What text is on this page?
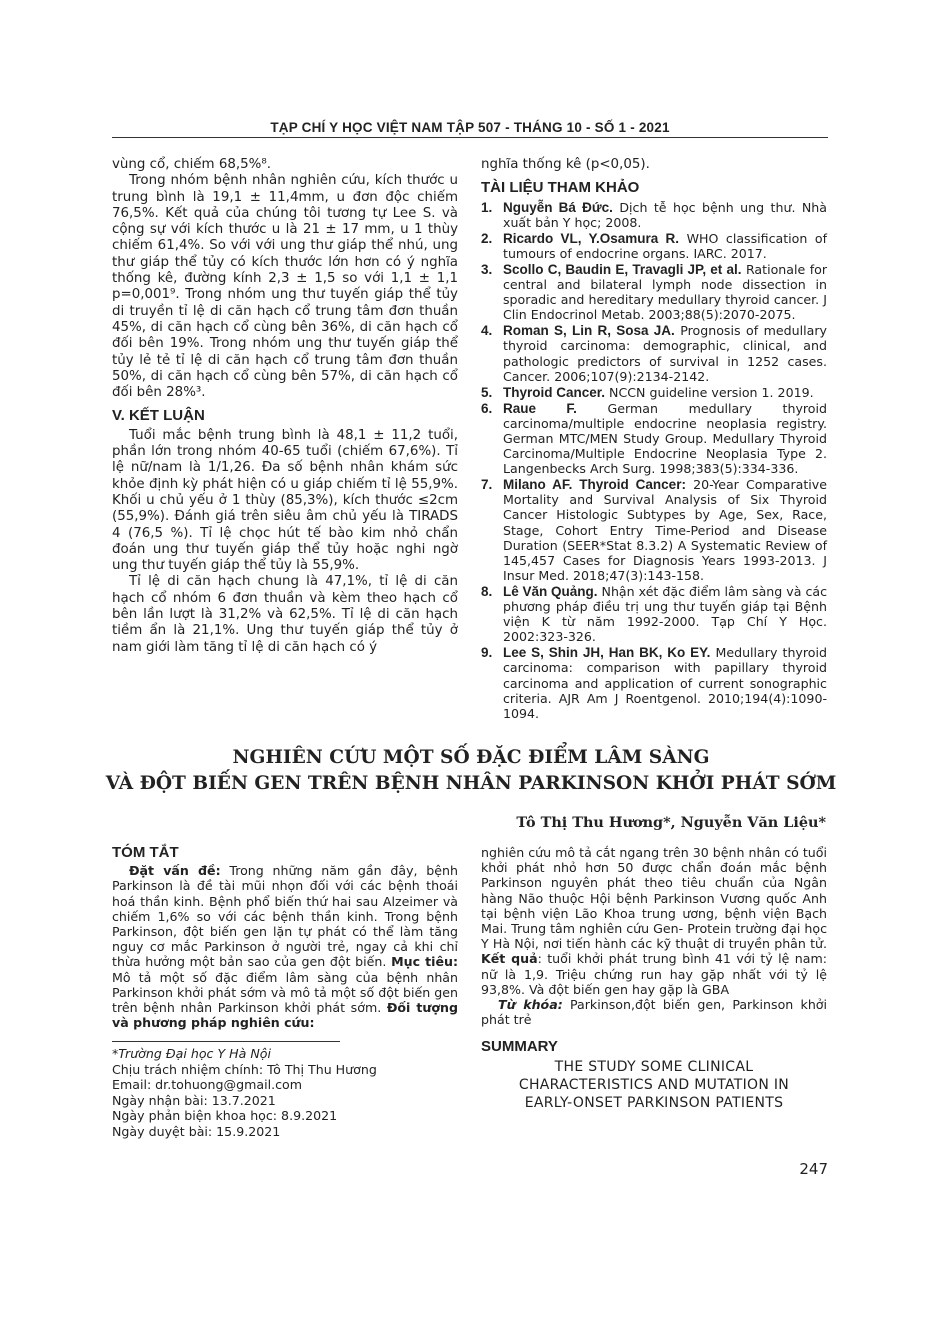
TẠP CHÍ Y HỌC VIỆT NAM TẬP 507 - THÁNG 10 - SỐ 1 - 2021

vùng cổ, chiếm 68,5%⁸.

Trong nhóm bệnh nhân nghiên cứu, kích thước u trung bình là 19,1 ± 11,4mm, u đơn độc chiếm 76,5%. Kết quả của chúng tôi tương tự Lee S. và cộng sự với kích thước u là 21 ± 17 mm, u 1 thùy chiếm 61,4%. So với với ung thư giáp thể nhú, ung thư giáp thể tủy có kích thước lớn hơn có ý nghĩa thống kê, đường kính 2,3 ± 1,5 so với 1,1 ± 1,1 p=0,001⁹. Trong nhóm ung thư tuyến giáp thể tủy di truyền tỉ lệ di căn hạch cổ trung tâm đơn thuần 45%, di căn hạch cổ cùng bên 36%, di căn hạch cổ đối bên 19%. Trong nhóm ung thư tuyến giáp thể tủy lẻ tẻ tỉ lệ di căn hạch cổ trung tâm đơn thuần 50%, di căn hạch cổ cùng bên 57%, di căn hạch cổ đối bên 28%³.

V. KẾT LUẬN

Tuổi mắc bệnh trung bình là 48,1 ± 11,2 tuổi, phần lớn trong nhóm 40-65 tuổi (chiếm 67,6%). Tỉ lệ nữ/nam là 1/1,26. Đa số bệnh nhân khám sức khỏe định kỳ phát hiện có u giáp chiếm tỉ lệ 55,9%. Khối u chủ yếu ở 1 thùy (85,3%), kích thước ≤2cm (55,9%). Đánh giá trên siêu âm chủ yếu là TIRADS 4 (76,5 %). Tỉ lệ chọc hút tế bào kim nhỏ chẩn đoán ung thư tuyến giáp thể tủy hoặc nghi ngờ ung thư tuyến giáp thể tủy là 55,9%.

Tỉ lệ di căn hạch chung là 47,1%, tỉ lệ di căn hạch cổ nhóm 6 đơn thuần và kèm theo hạch cổ bên lần lượt là 31,2% và 62,5%. Tỉ lệ di căn hạch tiềm ẩn là 21,1%. Ung thư tuyến giáp thể tủy ở nam giới làm tăng tỉ lệ di căn hạch có ý

nghĩa thống kê (p<0,05).

TÀI LIỆU THAM KHẢO
1. Nguyễn Bá Đức. Dịch tễ học bệnh ung thư. Nhà xuất bản Y học; 2008.
2. Ricardo VL, Y.Osamura R. WHO classification of tumours of endocrine organs. IARC. 2017.
3. Scollo C, Baudin E, Travagli JP, et al. Rationale for central and bilateral lymph node dissection in sporadic and hereditary medullary thyroid cancer. J Clin Endocrinol Metab. 2003;88(5):2070-2075.
4. Roman S, Lin R, Sosa JA. Prognosis of medullary thyroid carcinoma: demographic, clinical, and pathologic predictors of survival in 1252 cases. Cancer. 2006;107(9):2134-2142.
5. Thyroid Cancer. NCCN guideline version 1. 2019.
6. Raue F. German medullary thyroid carcinoma/multiple endocrine neoplasia registry. German MTC/MEN Study Group. Medullary Thyroid Carcinoma/Multiple Endocrine Neoplasia Type 2. Langenbecks Arch Surg. 1998;383(5):334-336.
7. Milano AF. Thyroid Cancer: 20-Year Comparative Mortality and Survival Analysis of Six Thyroid Cancer Histologic Subtypes by Age, Sex, Race, Stage, Cohort Entry Time-Period and Disease Duration (SEER*Stat 8.3.2) A Systematic Review of 145,457 Cases for Diagnosis Years 1993-2013. J Insur Med. 2018;47(3):143-158.
8. Lê Văn Quảng. Nhận xét đặc điểm lâm sàng và các phương pháp điều trị ung thư tuyến giáp tại Bệnh viện K từ năm 1992-2000. Tạp Chí Y Học. 2002:323-326.
9. Lee S, Shin JH, Han BK, Ko EY. Medullary thyroid carcinoma: comparison with papillary thyroid carcinoma and application of current sonographic criteria. AJR Am J Roentgenol. 2010;194(4):1090-1094.
NGHIÊN CỨU MỘT SỐ ĐẶC ĐIỂM LÂM SÀNG
VÀ ĐỘT BIẾN GEN TRÊN BỆNH NHÂN PARKINSON KHỞI PHÁT SỚM
Tô Thị Thu Hương*, Nguyễn Văn Liệu*
TÓM TẮT

Đặt vấn đề: Trong những năm gần đây, bệnh Parkinson là đề tài mũi nhọn đối với các bệnh thoái hoá thần kinh. Bệnh phổ biến thứ hai sau Alzeimer và chiếm 1,6% so với các bệnh thần kinh. Trong bệnh Parkinson, đột biến gen lặn tự phát có thể làm tăng nguy cơ mắc Parkinson ở người trẻ, ngay cả khi chỉ thừa hưởng một bản sao của gen đột biến. Mục tiêu: Mô tả một số đặc điểm lâm sàng của bệnh nhân Parkinson khởi phát sớm và mô tả một số đột biến gen trên bệnh nhân Parkinson khởi phát sớm. Đối tượng và phương pháp nghiên cứu:

nghiên cứu mô tả cắt ngang trên 30 bệnh nhân có tuổi khởi phát nhỏ hơn 50 được chẩn đoán mắc bệnh Parkinson nguyên phát theo tiêu chuẩn của Ngân hàng Não thuộc Hội bệnh Parkinson Vương quốc Anh tại bệnh viện Lão Khoa trung ương, bệnh viện Bạch Mai. Trung tâm nghiên cứu Gen- Protein trường đại học Y Hà Nội, nơi tiến hành các kỹ thuật di truyền phân tử. Kết quả: tuổi khởi phát trung bình 41 với tỷ lệ nam: nữ là 1,9. Triệu chứng run hay gặp nhất với tỷ lệ 93,8%. Và đột biến gen hay gặp là GBA

Từ khóa: Parkinson,đột biến gen, Parkinson khởi phát trẻ

SUMMARY
THE STUDY SOME CLINICAL
CHARACTERISTICS AND MUTATION IN
EARLY-ONSET PARKINSON PATIENTS
*Trường Đại học Y Hà Nội
Chịu trách nhiệm chính: Tô Thị Thu Hương
Email: dr.tohuong@gmail.com
Ngày nhận bài: 13.7.2021
Ngày phản biện khoa học: 8.9.2021
Ngày duyệt bài: 15.9.2021
247
